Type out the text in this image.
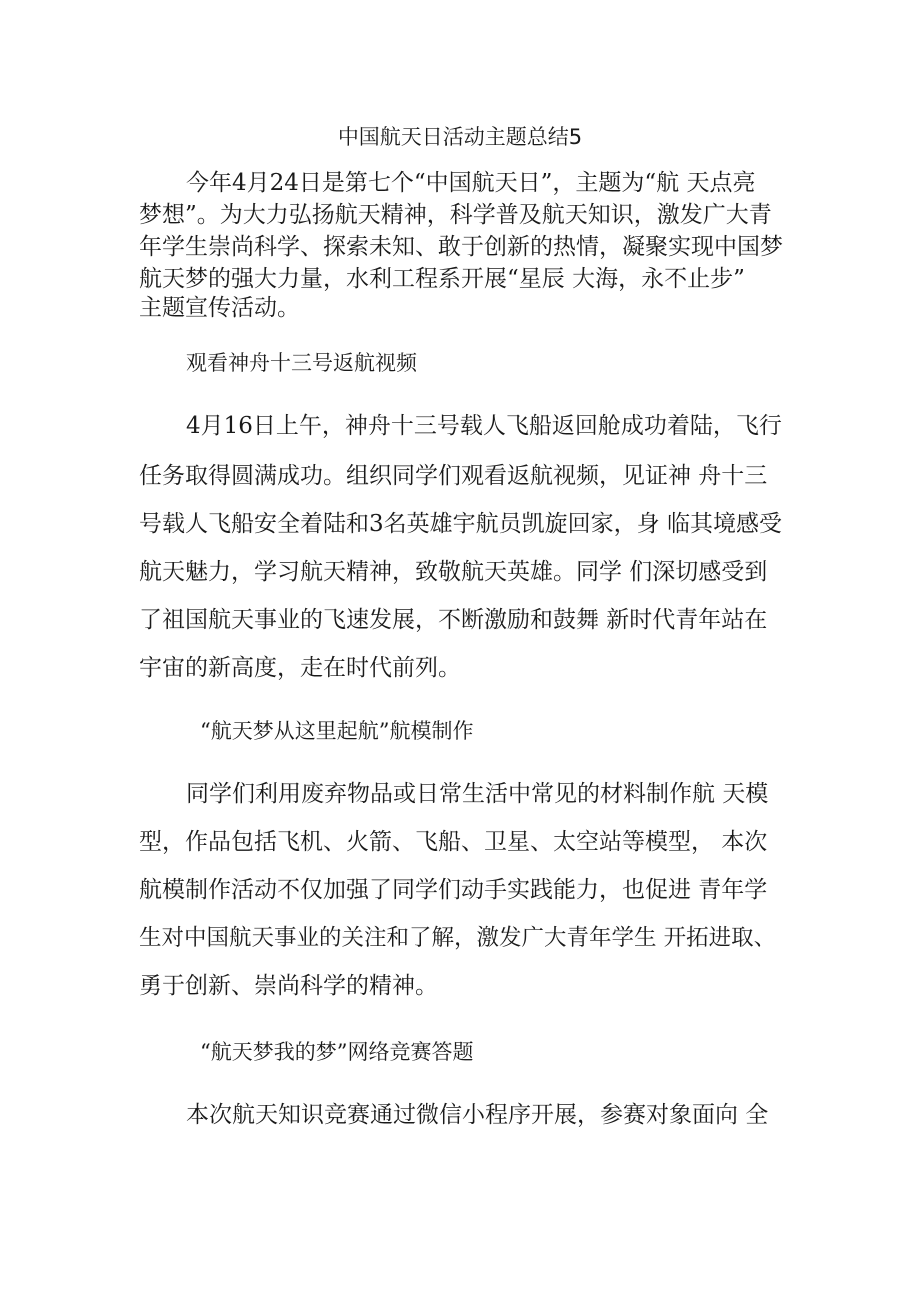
中国航天日活动主题总结5
今年4月24日是第七个“中国航天日”，主题为“航 天点亮
梦想”。为大力弘扬航天精神，科学普及航天知识，激发广大青
年学生崇尚科学、探索未知、敢于创新的热情，凝聚实现中国梦
航天梦的强大力量，水利工程系开展“星辰 大海，永不止步”
主题宣传活动。
观看神舟十三号返航视频
4月16日上午，神舟十三号载人飞船返回舱成功着陆，飞行
任务取得圆满成功。组织同学们观看返航视频，见证神 舟十三
号载人飞船安全着陆和3名英雄宇航员凯旋回家，身 临其境感受
航天魅力，学习航天精神，致敬航天英雄。同学 们深切感受到
了祖国航天事业的飞速发展，不断激励和鼓舞 新时代青年站在
宇宙的新高度，走在时代前列。
“航天梦从这里起航”航模制作
同学们利用废弃物品或日常生活中常见的材料制作航 天模
型，作品包括飞机、火箭、飞船、卫星、太空站等模型， 本次
航模制作活动不仅加强了同学们动手实践能力，也促进 青年学
生对中国航天事业的关注和了解，激发广大青年学生 开拓进取、
勇于创新、崇尚科学的精神。
“航天梦我的梦”网络竞赛答题
本次航天知识竞赛通过微信小程序开展，参赛对象面向 全
